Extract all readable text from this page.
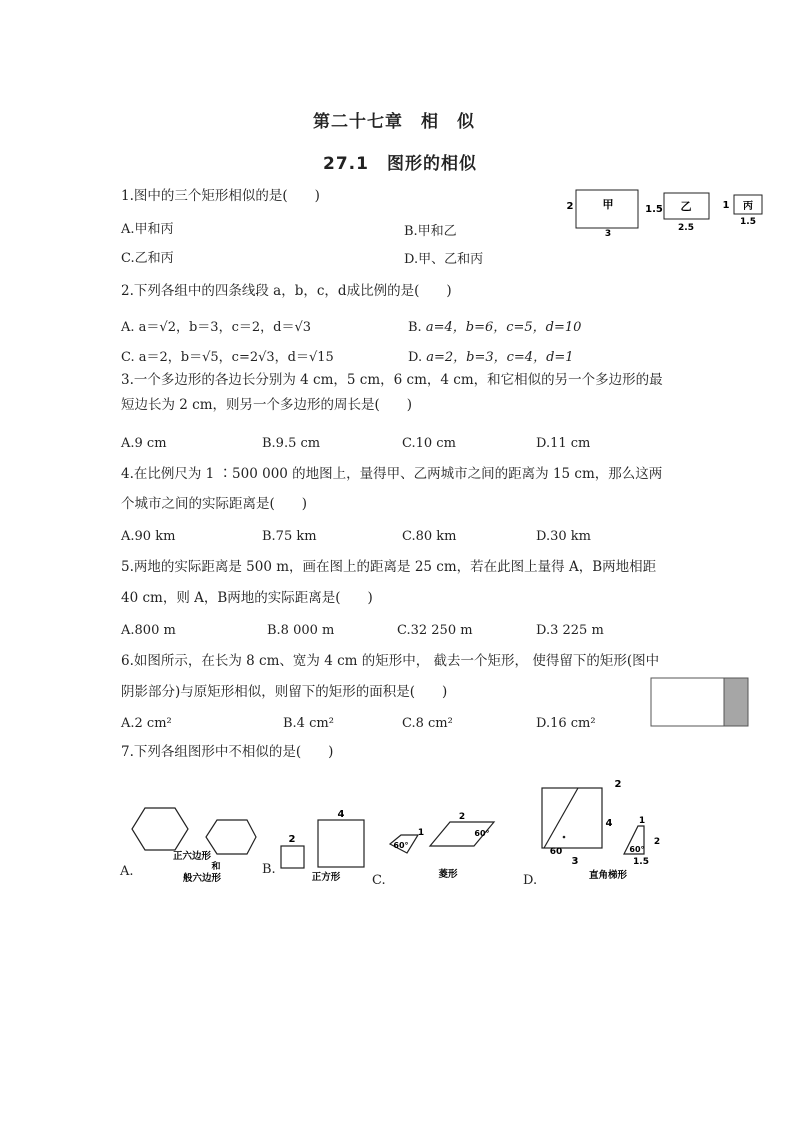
第二十七章　相　似
27.1　图形的相似
1.图中的三个矩形相似的是(　　)
A.甲和丙	B.甲和乙
C.乙和丙	D.甲、乙和丙
甲
2
3
乙
1.5
2.5
丙
1
1.5
2.下列各组中的四条线段 a，b，c，d成比例的是(　　)
A. a＝√2，b＝3，c＝2，d＝√3	B. a=4，b=6，c=5，d=10
C. a＝2，b＝√5，c=2√3，d＝√15	D. a=2，b=3，c=4，d=1
3.一个多边形的各边长分别为 4 cm，5 cm，6 cm，4 cm，和它相似的另一个多边形的最
短边长为 2 cm，则另一个多边形的周长是(　　)
A.9 cm	B.9.5 cm	C.10 cm	D.11 cm
4.在比例尺为 1 ∶500 000 的地图上，量得甲、乙两城市之间的距离为 15 cm，那么这两
个城市之间的实际距离是(　　)
A.90 km	B.75 km	C.80 km	D.30 km
5.两地的实际距离是 500 m，画在图上的距离是 25 cm，若在此图上量得 A，B两地相距
40 cm，则 A，B两地的实际距离是(　　)
A.800 m	B.8 000 m	C.32 250 m	D.3 225 m
6.如图所示，在长为 8 cm、宽为 4 cm 的矩形中， 截去一个矩形， 使得留下的矩形(图中
阴影部分)与原矩形相似，则留下的矩形的面积是(　　)
A.2 cm²	B.4 cm²	C.8 cm²	D.16 cm²
7.下列各组图形中不相似的是(　　)
A.
正六边形
和
般六边形
B.
2
4
正方形 C.
60°
1	60°
2
菱形	D.
2
4
3
60
1
2
1.5
60°
直角梯形
